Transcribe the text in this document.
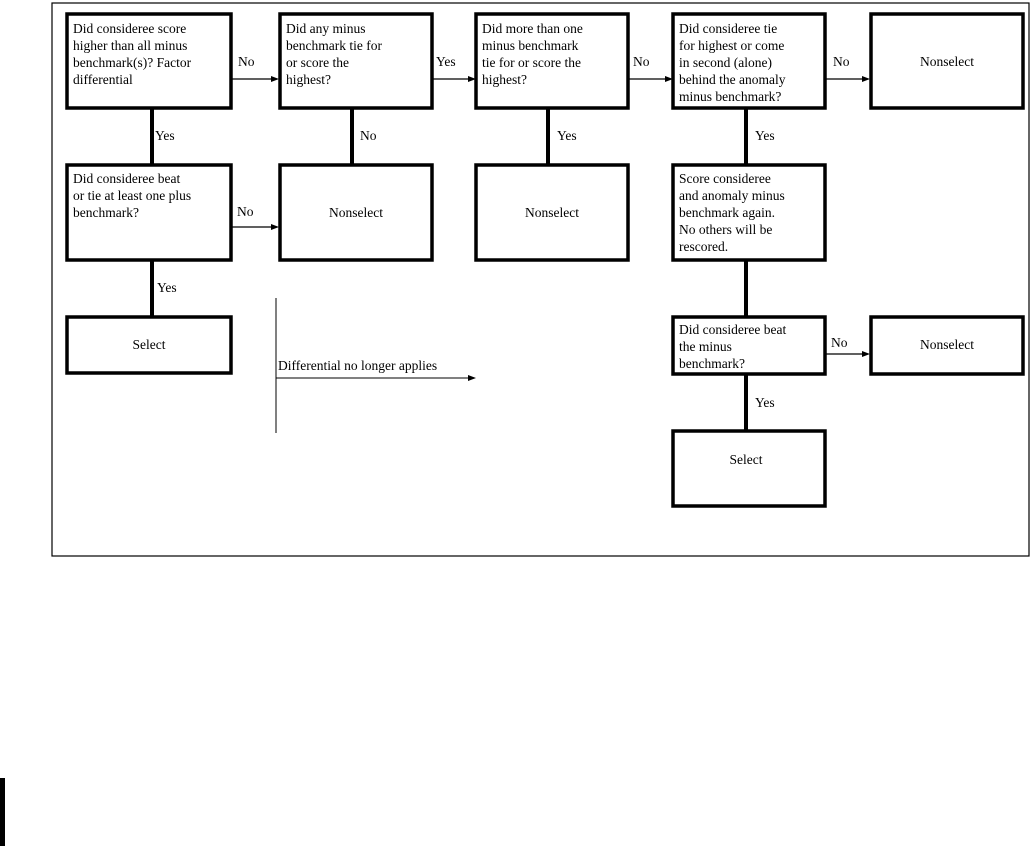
Differential no longer applies
Did consideree score higher than all minus benchmark(s)? Factor differential
Did any minus benchmark tie for or score the highest?
Did more than one minus benchmark tie for or score the highest?
Did consideree tie for highest or come in second (alone) behind the anomaly minus benchmark?
Nonselect
Did consideree beat or tie at least one plus benchmark?	Nonselect	Nonselect
Score consideree and anomaly minus benchmark again. No others will be rescored.
Select
Did consideree beat the minus benchmark?
Nonselect
Select
Yes
No	Yes	No	No
No	Yes	Yes
No
Yes
No
Yes
